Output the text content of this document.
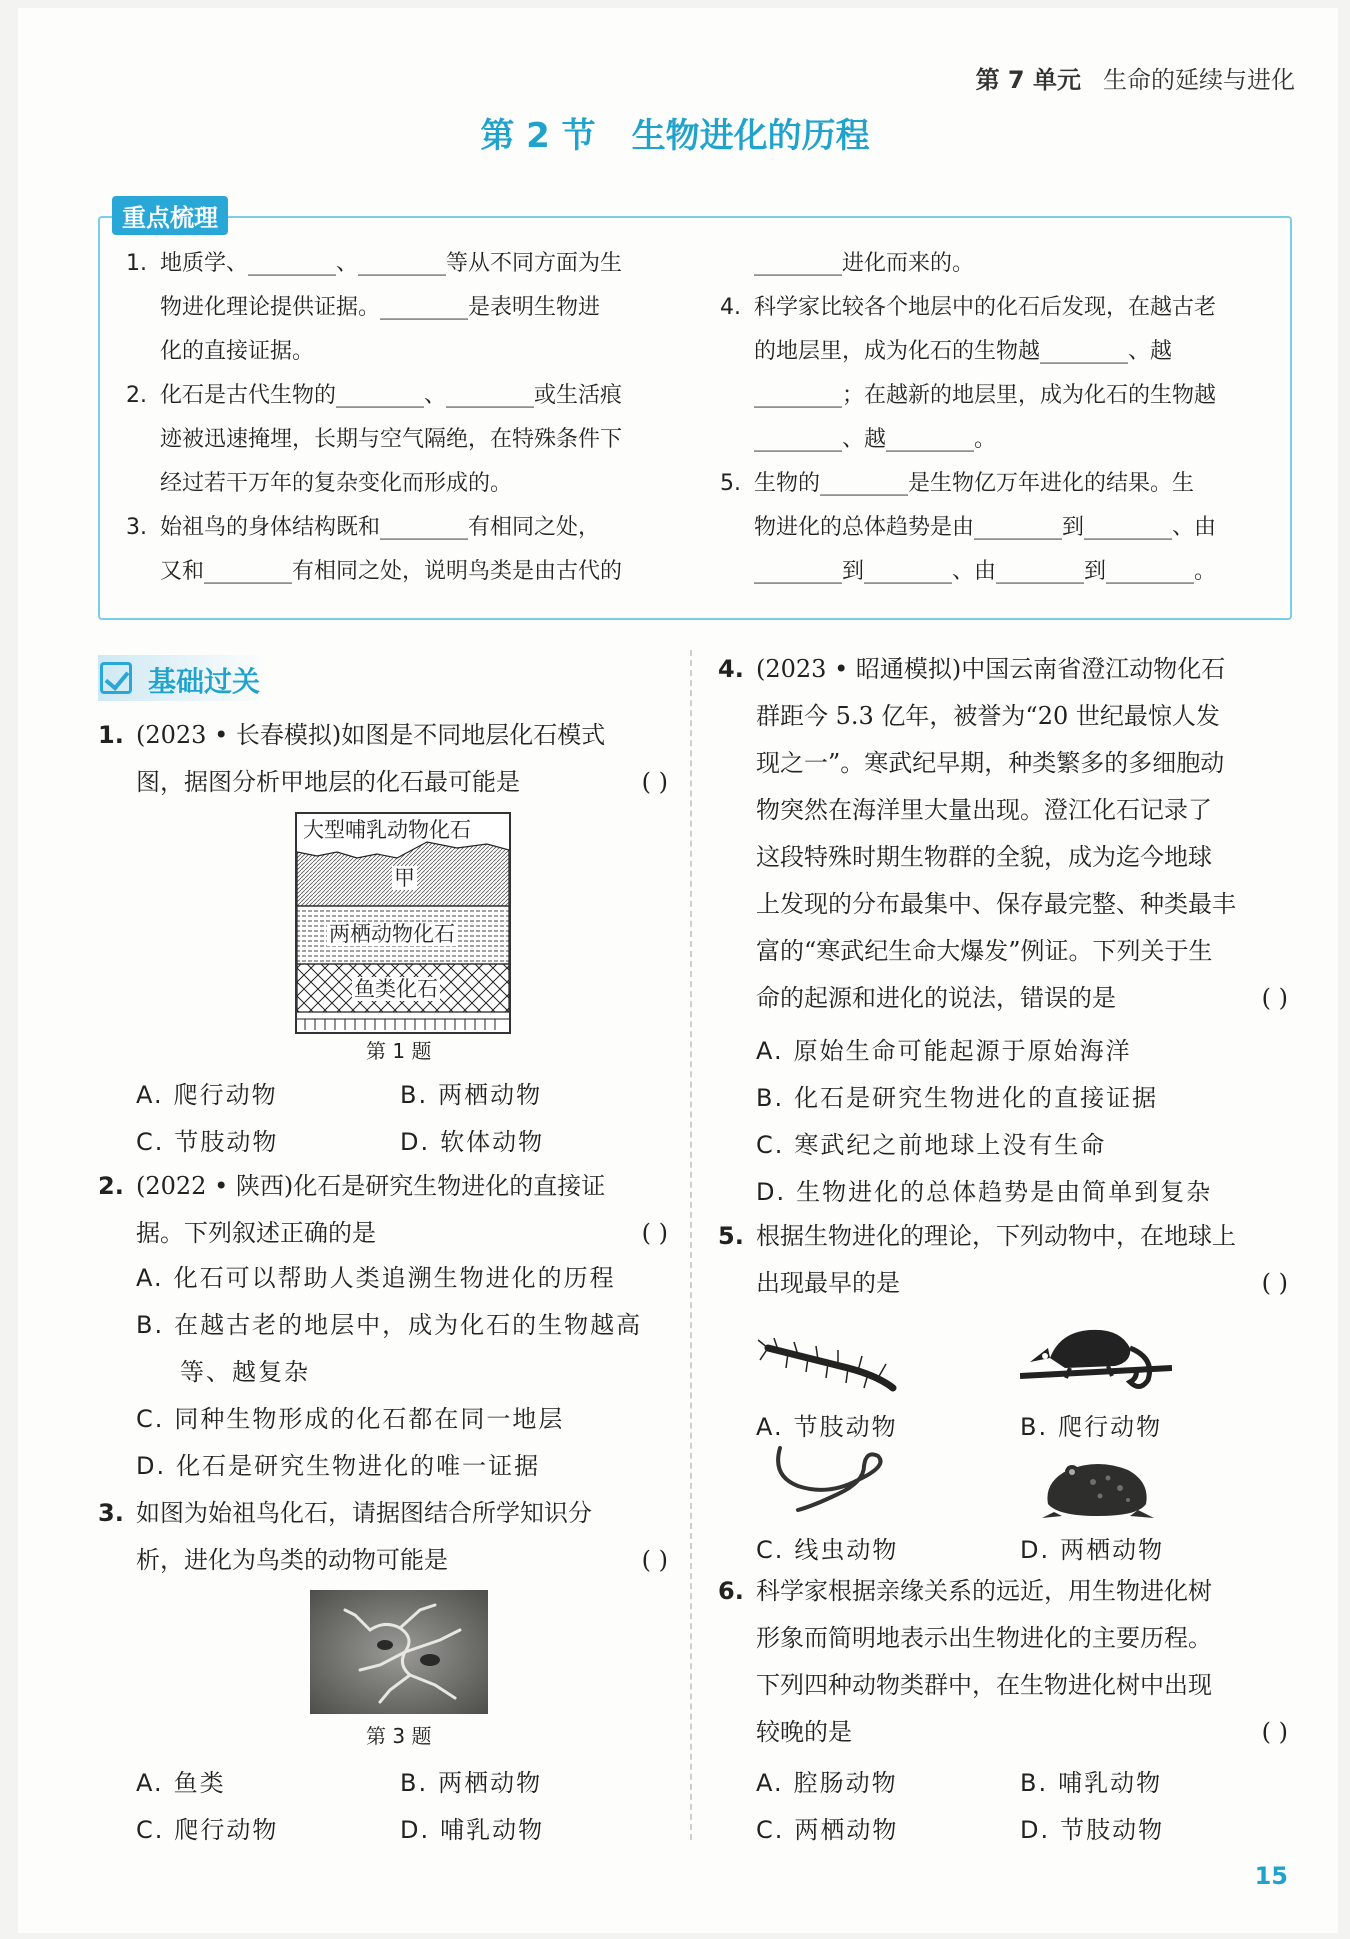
第 7 单元 生命的延续与进化
第 2 节 生物进化的历程
重点梳理
1. 地质学、________、________等从不同方面为生
物进化理论提供证据。________是表明生物进
化的直接证据。
2. 化石是古代生物的________、________或生活痕
迹被迅速掩埋，长期与空气隔绝，在特殊条件下
经过若干万年的复杂变化而形成的。
3. 始祖鸟的身体结构既和________有相同之处，
又和________有相同之处，说明鸟类是由古代的
________进化而来的。
4. 科学家比较各个地层中的化石后发现，在越古老
的地层里，成为化石的生物越________、越
________；在越新的地层里，成为化石的生物越
________、越________。
5. 生物的________是生物亿万年进化的结果。生
物进化的总体趋势是由________到________、由
________到________、由________到________。
基础过关
1. (2023 • 长春模拟)如图是不同地层化石模式
( )
图，据图分析甲地层的化石最可能是
大型哺乳动物化石
甲
两栖动物化石
鱼类化石
第 1 题
A. 爬行动物	B. 两栖动物
C. 节肢动物	D. 软体动物
2. (2022 • 陕西)化石是研究生物进化的直接证
( )
据。下列叙述正确的是
A. 化石可以帮助人类追溯生物进化的历程
B. 在越古老的地层中，成为化石的生物越高
等、越复杂
C. 同种生物形成的化石都在同一地层
D. 化石是研究生物进化的唯一证据
3. 如图为始祖鸟化石，请据图结合所学知识分
( )
析，进化为鸟类的动物可能是
第 3 题
A. 鱼类	B. 两栖动物
C. 爬行动物	D. 哺乳动物
4. (2023 • 昭通模拟)中国云南省澄江动物化石
群距今 5.3 亿年，被誉为“20 世纪最惊人发
现之一”。寒武纪早期，种类繁多的多细胞动
物突然在海洋里大量出现。澄江化石记录了
这段特殊时期生物群的全貌，成为迄今地球
上发现的分布最集中、保存最完整、种类最丰
富的“寒武纪生命大爆发”例证。下列关于生
( )
命的起源和进化的说法，错误的是
A. 原始生命可能起源于原始海洋
B. 化石是研究生物进化的直接证据
C. 寒武纪之前地球上没有生命
D. 生物进化的总体趋势是由简单到复杂
5. 根据生物进化的理论，下列动物中，在地球上
( )
出现最早的是
A. 节肢动物	B. 爬行动物
C. 线虫动物	D. 两栖动物
6. 科学家根据亲缘关系的远近，用生物进化树
形象而简明地表示出生物进化的主要历程。
下列四种动物类群中，在生物进化树中出现
( )
较晚的是
A. 腔肠动物	B. 哺乳动物
C. 两栖动物	D. 节肢动物
15
